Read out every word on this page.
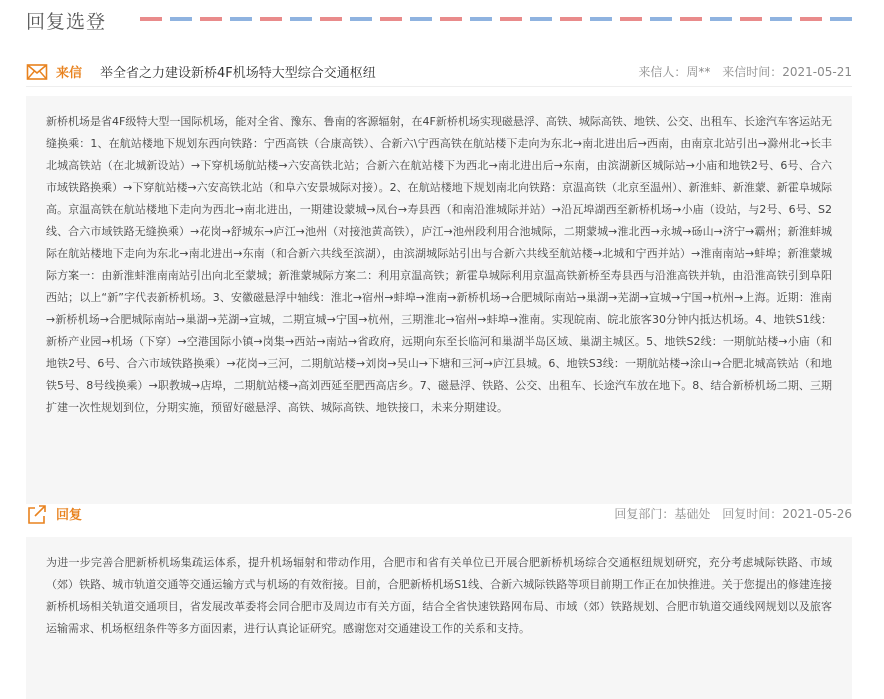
回复选登
来信 举全省之力建设新桥4F机场特大型综合交通枢纽	来信人：周** 来信时间：2021-05-21

新桥机场是省4F级特大型一国际机场，能对全省、豫东、鲁南的客源辐射，在4F新桥机场实现磁悬浮、高铁、城际高铁、地铁、公交、出租车、长途汽车客运站无缝换乘：1、在航站楼地下规划东西向铁路：宁西高铁（合康高铁）、合新六\宁西高铁在航站楼下走向为东北→南北进出后→西南，由南京北站引出→滁州北→长丰北城高铁站（在北城新设站）→下穿机场航站楼→六安高铁北站；合新六在航站楼下为西北→南北进出后→东南，由滨湖新区城际站→小庙和地铁2号、6号、合六市域铁路换乘）→下穿航站楼→六安高铁北站（和阜六安景城际对接）。2、在航站楼地下规划南北向铁路：京温高铁（北京至温州）、新淮蚌、新淮蒙、新霍阜城际高。京温高铁在航站楼地下走向为西北→南北进出，一期建设蒙城→凤台→寿县西（和南沿淮城际并站）→沿瓦埠湖西至新桥机场→小庙（设站，与2号、6号、S2线、合六市域铁路无缝换乘）→花岗→舒城东→庐江→池州（对接池黄高铁），庐江→池州段利用合池城际，二期蒙城→淮北西→永城→砀山→济宁→霸州；新淮蚌城际在航站楼地下走向为东北→南北进出→东南（和合新六共线至滨湖），由滨湖城际站引出与合新六共线至航站楼→北城和宁西并站）→淮南南站→蚌埠；新淮蒙城际方案一：由新淮蚌淮南南站引出向北至蒙城；新淮蒙城际方案二：利用京温高铁；新霍阜城际利用京温高铁新桥至寿县西与沿淮高铁并轨，由沿淮高铁引到阜阳西站；以上“新”字代表新桥机场。3、安徽磁悬浮中轴线：淮北→宿州→蚌埠→淮南→新桥机场→合肥城际南站→巢湖→芜湖→宣城→宁国→杭州→上海。近期：淮南→新桥机场→合肥城际南站→巢湖→芜湖→宣城，二期宣城→宁国→杭州，三期淮北→宿州→蚌埠→淮南。实现皖南、皖北旅客30分钟内抵达机场。4、地铁S1线：新桥产业园→机场（下穿）→空港国际小镇→岗集→西站→南站→省政府，远期向东至长临河和巢湖半岛区域、巢湖主城区。5、地铁S2线：一期航站楼→小庙（和地铁2号、6号、合六市域铁路换乘）→花岗→三河，二期航站楼→刘岗→吴山→下塘和三河→庐江县城。6、地铁S3线：一期航站楼→涂山→合肥北城高铁站（和地铁5号、8号线换乘）→职教城→店埠，二期航站楼→高刘西延至肥西高店乡。7、磁悬浮、铁路、公交、出租车、长途汽车放在地下。8、结合新桥机场二期、三期扩建一次性规划到位，分期实施，预留好磁悬浮、高铁、城际高铁、地铁接口，未来分期建设。

回复	回复部门：基础处 回复时间：2021-05-26

为进一步完善合肥新桥机场集疏运体系，提升机场辐射和带动作用，合肥市和省有关单位已开展合肥新桥机场综合交通枢纽规划研究，充分考虑城际铁路、市域（郊）铁路、城市轨道交通等交通运输方式与机场的有效衔接。目前，合肥新桥机场S1线、合新六城际铁路等项目前期工作正在加快推进。关于您提出的修建连接新桥机场相关轨道交通项目，省发展改革委将会同合肥市及周边市有关方面，结合全省快速铁路网布局、市域（郊）铁路规划、合肥市轨道交通线网规划以及旅客运输需求、机场枢纽条件等多方面因素，进行认真论证研究。感谢您对交通建设工作的关系和支持。
